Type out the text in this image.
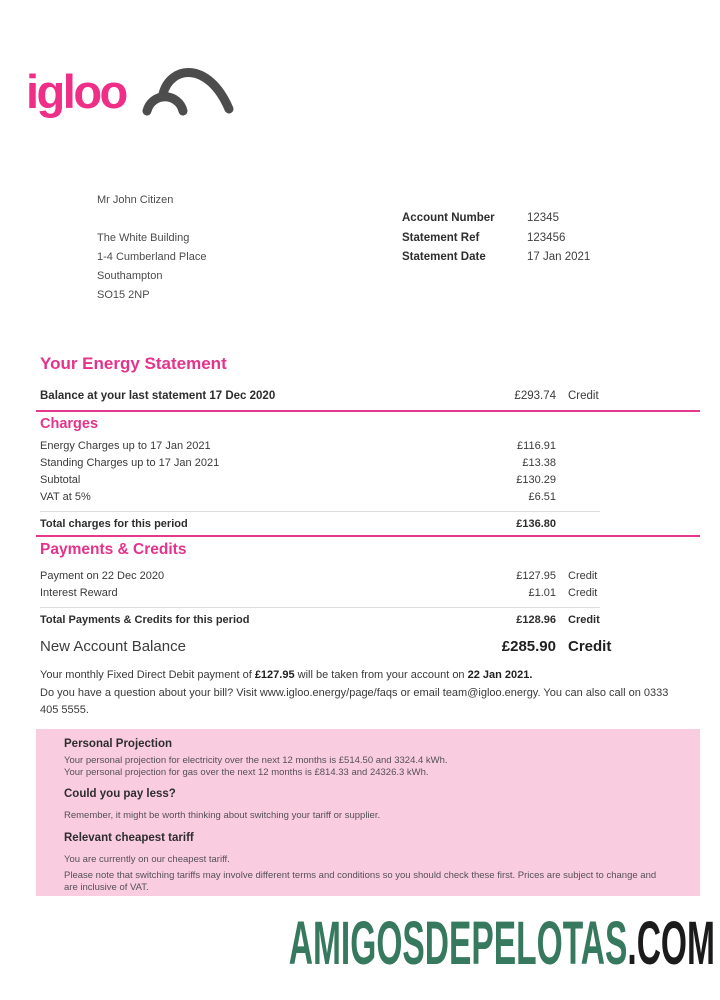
igloo
Mr John Citizen
The White Building
1-4 Cumberland Place
Southampton
SO15 2NP
Account Number	12345
Statement Ref	123456
Statement Date	17 Jan 2021
Your Energy Statement
Balance at your last statement 17 Dec 2020	£293.74 Credit
Charges
Energy Charges up to 17 Jan 2021	£116.91
Standing Charges up to 17 Jan 2021	£13.38
Subtotal	£130.29
VAT at 5%	£6.51
Total charges for this period	£136.80
Payments & Credits
Payment on 22 Dec 2020	£127.95 Credit
Interest Reward	£1.01 Credit
Total Payments & Credits for this period	£128.96 Credit
New Account Balance	£285.90 Credit
Your monthly Fixed Direct Debit payment of £127.95 will be taken from your account on 22 Jan 2021.
Do you have a question about your bill? Visit www.igloo.energy/page/faqs or email team@igloo.energy. You can also call on 0333 405 5555.
Personal Projection

Your personal projection for electricity over the next 12 months is £514.50 and 3324.4 kWh.

Your personal projection for gas over the next 12 months is £814.33 and 24326.3 kWh.

Could you pay less?

Remember, it might be worth thinking about switching your tariff or supplier.

Relevant cheapest tariff

You are currently on our cheapest tariff.

Please note that switching tariffs may involve different terms and conditions so you should check these first. Prices are subject to change and are inclusive of VAT.

AMIGOSDEPELOTAS.COM
